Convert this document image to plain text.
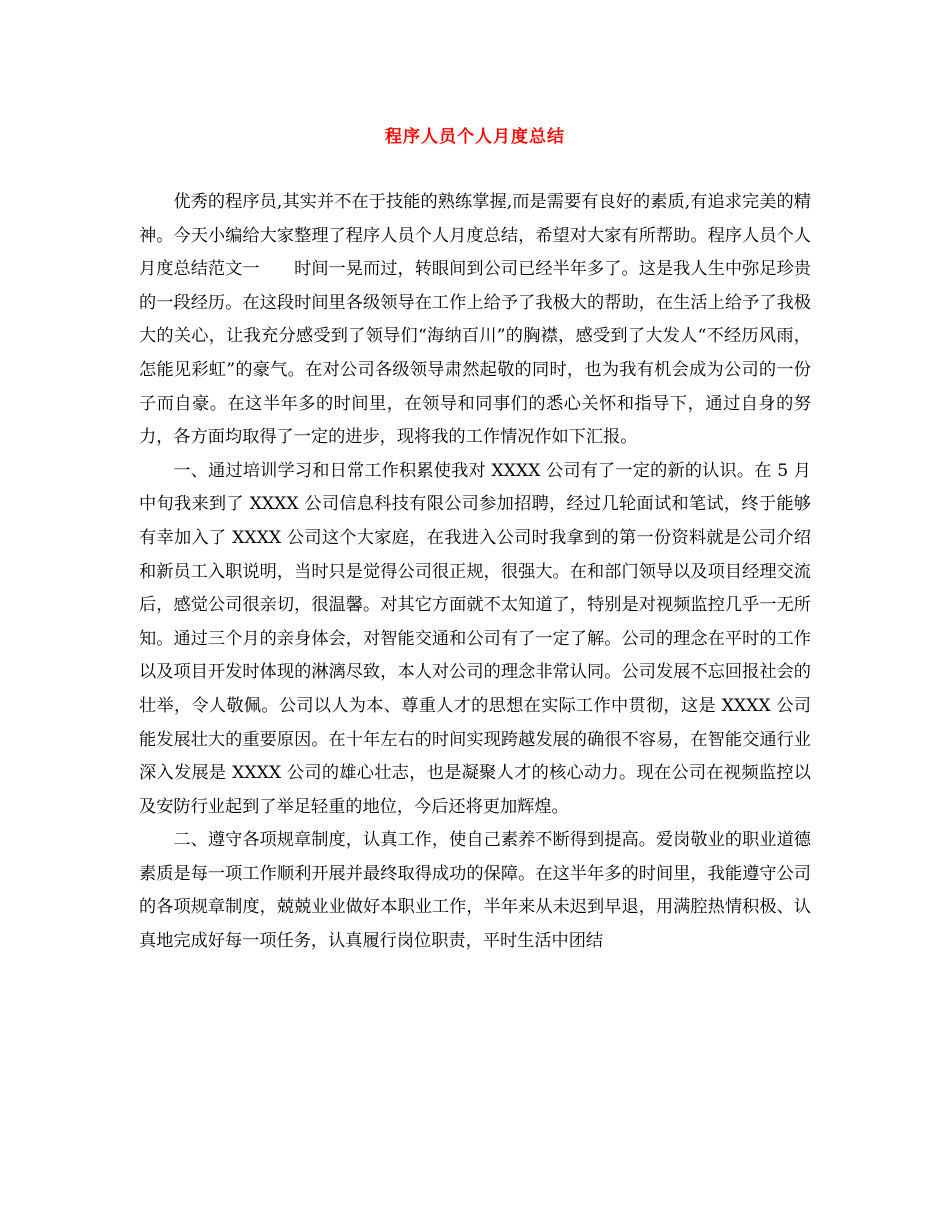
程序人员个人月度总结

优秀的程序员,其实并不在于技能的熟练掌握,而是需要有良好的素质,有追求完美的精神。今天小编给大家整理了程序人员个人月度总结，希望对大家有所帮助。程序人员个人月度总结范文一　　时间一晃而过，转眼间到公司已经半年多了。这是我人生中弥足珍贵的一段经历。在这段时间里各级领导在工作上给予了我极大的帮助，在生活上给予了我极大的关心，让我充分感受到了领导们“海纳百川”的胸襟，感受到了大发人“不经历风雨，怎能见彩虹”的豪气。在对公司各级领导肃然起敬的同时，也为我有机会成为公司的一份子而自豪。在这半年多的时间里，在领导和同事们的悉心关怀和指导下，通过自身的努力，各方面均取得了一定的进步，现将我的工作情况作如下汇报。

一、通过培训学习和日常工作积累使我对 XXXX 公司有了一定的新的认识。在 5 月中旬我来到了 XXXX 公司信息科技有限公司参加招聘，经过几轮面试和笔试，终于能够有幸加入了 XXXX 公司这个大家庭，在我进入公司时我拿到的第一份资料就是公司介绍和新员工入职说明，当时只是觉得公司很正规，很强大。在和部门领导以及项目经理交流后，感觉公司很亲切，很温馨。对其它方面就不太知道了，特别是对视频监控几乎一无所知。通过三个月的亲身体会，对智能交通和公司有了一定了解。公司的理念在平时的工作以及项目开发时体现的淋漓尽致，本人对公司的理念非常认同。公司发展不忘回报社会的壮举，令人敬佩。公司以人为本、尊重人才的思想在实际工作中贯彻，这是 XXXX 公司能发展壮大的重要原因。在十年左右的时间实现跨越发展的确很不容易，在智能交通行业深入发展是 XXXX 公司的雄心壮志，也是凝聚人才的核心动力。现在公司在视频监控以及安防行业起到了举足轻重的地位，今后还将更加辉煌。

二、遵守各项规章制度，认真工作，使自己素养不断得到提高。爱岗敬业的职业道德素质是每一项工作顺利开展并最终取得成功的保障。在这半年多的时间里，我能遵守公司的各项规章制度，兢兢业业做好本职业工作，半年来从未迟到早退，用满腔热情积极、认真地完成好每一项任务，认真履行岗位职责，平时生活中团结
